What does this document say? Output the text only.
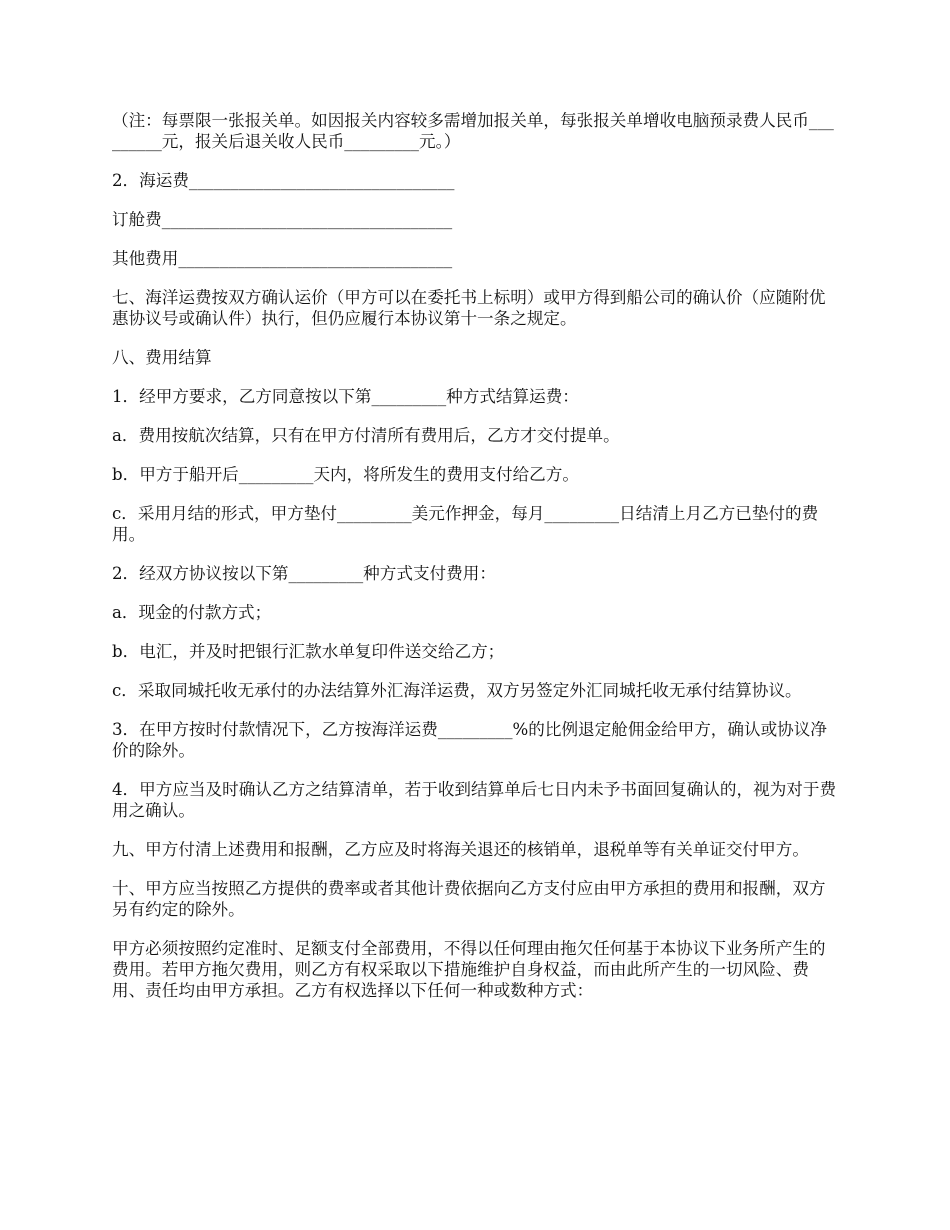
（注：每票限一张报关单。如因报关内容较多需增加报关单，每张报关单增收电脑预录费人民币_________元，报关后退关收人民币_________元。）

2．海运费________________________________

订舱费___________________________________

其他费用_________________________________

七、海洋运费按双方确认运价（甲方可以在委托书上标明）或甲方得到船公司的确认价（应随附优惠协议号或确认件）执行，但仍应履行本协议第十一条之规定。

八、费用结算

1．经甲方要求，乙方同意按以下第_________种方式结算运费：

a．费用按航次结算，只有在甲方付清所有费用后，乙方才交付提单。

b．甲方于船开后_________天内，将所发生的费用支付给乙方。

c．采用月结的形式，甲方垫付_________美元作押金，每月_________日结清上月乙方已垫付的费用。

2．经双方协议按以下第_________种方式支付费用：

a．现金的付款方式；

b．电汇，并及时把银行汇款水单复印件送交给乙方；

c．采取同城托收无承付的办法结算外汇海洋运费，双方另签定外汇同城托收无承付结算协议。

3．在甲方按时付款情况下，乙方按海洋运费_________%的比例退定舱佣金给甲方，确认或协议净价的除外。

4．甲方应当及时确认乙方之结算清单，若于收到结算单后七日内未予书面回复确认的，视为对于费用之确认。

九、甲方付清上述费用和报酬，乙方应及时将海关退还的核销单，退税单等有关单证交付甲方。

十、甲方应当按照乙方提供的费率或者其他计费依据向乙方支付应由甲方承担的费用和报酬，双方另有约定的除外。

甲方必须按照约定准时、足额支付全部费用，不得以任何理由拖欠任何基于本协议下业务所产生的费用。若甲方拖欠费用，则乙方有权采取以下措施维护自身权益，而由此所产生的一切风险、费用、责任均由甲方承担。乙方有权选择以下任何一种或数种方式：
